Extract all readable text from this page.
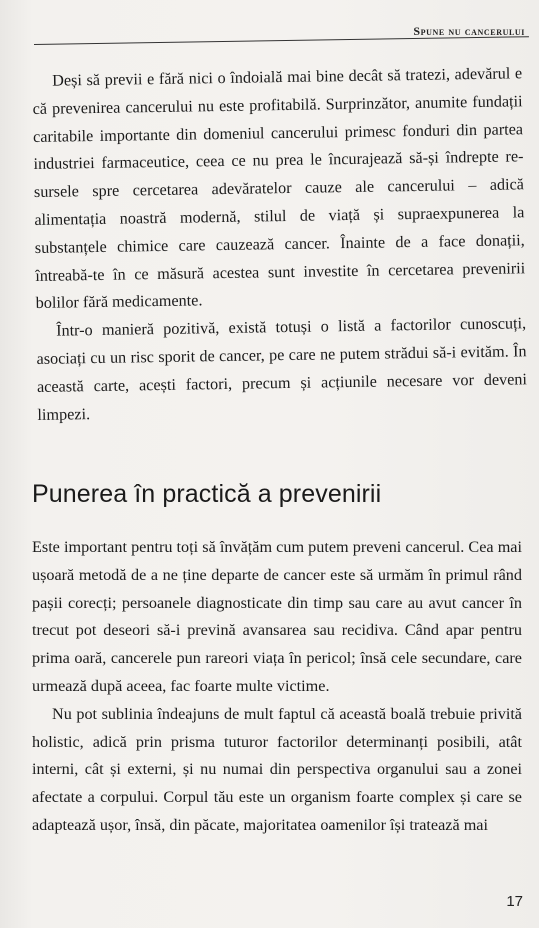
Spune nu cancerului

Deși să previi e fără nici o îndoială mai bine decât să tratezi, adevărul e că prevenirea cancerului nu este profitabilă. Surprinzător, anumite fundații caritabile importante din domeniul cancerului primesc fonduri din partea industriei farmaceutice, ceea ce nu prea le încurajează să-și îndrepte resursele spre cercetarea adevăratelor cauze ale cancerului – adică alimentația noastră modernă, stilul de viață și supraexpunerea la substanțele chimice care cauzează cancer. Înainte de a face donații, întreabă-te în ce măsură acestea sunt investite în cercetarea prevenirii bolilor fără medicamente.

Într-o manieră pozitivă, există totuși o listă a factorilor cunoscuți, asociați cu un risc sporit de cancer, pe care ne putem strădui să-i evităm. În această carte, acești factori, precum și acțiunile necesare vor deveni limpezi.

Punerea în practică a prevenirii

Este important pentru toți să învățăm cum putem preveni cancerul. Cea mai ușoară metodă de a ne ține departe de cancer este să urmăm în primul rând pașii corecți; persoanele diagnosticate din timp sau care au avut cancer în trecut pot deseori să-i prevină avansarea sau recidiva. Când apar pentru prima oară, cancerele pun rareori viața în pericol; însă cele secundare, care urmează după aceea, fac foarte multe victime.

Nu pot sublinia îndeajuns de mult faptul că această boală trebuie privită holistic, adică prin prisma tuturor factorilor determinanți posibili, atât interni, cât și externi, și nu numai din perspectiva organului sau a zonei afectate a corpului. Corpul tău este un organism foarte complex și care se adaptează ușor, însă, din păcate, majoritatea oamenilor își tratează mai

17
